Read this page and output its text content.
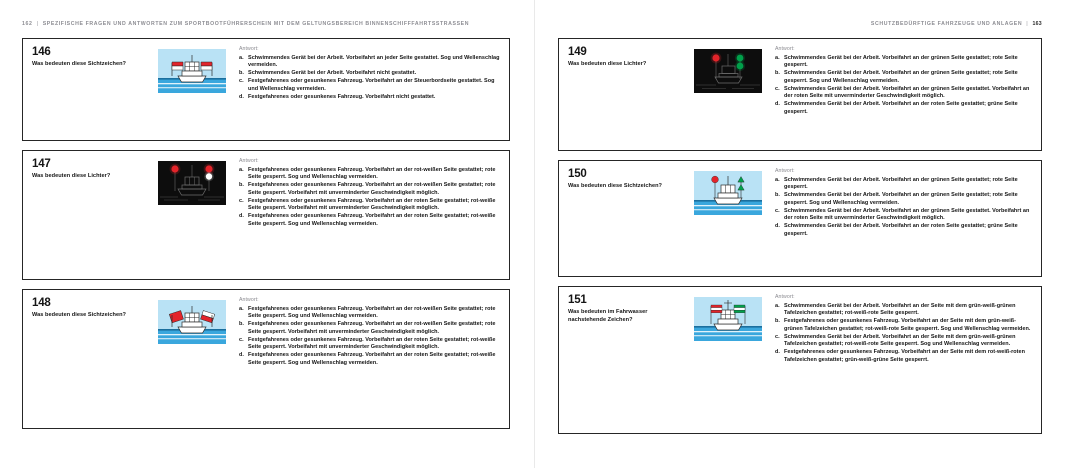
162 | SPEZIFISCHE FRAGEN UND ANTWORTEN ZUM SPORTBOOTFÜHRERSCHEIN MIT DEM GELTUNGSBEREICH BINNENSCHIFFFAHRTSSTRASSEN
146
Was bedeuten diese Sichtzeichen?
Antwort:
a. Schwimmendes Gerät bei der Arbeit. Vorbeifahrt an jeder Seite gestattet. Sog und Wellenschlag vermeiden.
b. Schwimmendes Gerät bei der Arbeit. Vorbeifahrt nicht gestattet.
c. Festgefahrenes oder gesunkenes Fahrzeug. Vorbeifahrt an der Steuerbordseite gestattet. Sog und Wellenschlag vermeiden.
d. Festgefahrenes oder gesunkenes Fahrzeug. Vorbeifahrt nicht gestattet.
147
Was bedeuten diese Lichter?
Antwort:
a. Festgefahrenes oder gesunkenes Fahrzeug. Vorbeifahrt an der rot-weißen Seite gestattet; rote Seite gesperrt. Sog und Wellenschlag vermeiden.
b. Festgefahrenes oder gesunkenes Fahrzeug. Vorbeifahrt an der rot-weißen Seite gestattet; rote Seite gesperrt. Vorbeifahrt mit unverminderter Geschwindigkeit möglich.
c. Festgefahrenes oder gesunkenes Fahrzeug. Vorbeifahrt an der roten Seite gestattet; rot-weiße Seite gesperrt. Vorbeifahrt mit unverminderter Geschwindigkeit möglich.
d. Festgefahrenes oder gesunkenes Fahrzeug. Vorbeifahrt an der roten Seite gestattet; rot-weiße Seite gesperrt. Sog und Wellenschlag vermeiden.
148
Was bedeuten diese Sichtzeichen?
Antwort:
a. Festgefahrenes oder gesunkenes Fahrzeug. Vorbeifahrt an der rot-weißen Seite gestattet; rote Seite gesperrt. Sog und Wellenschlag vermeiden.
b. Festgefahrenes oder gesunkenes Fahrzeug. Vorbeifahrt an der rot-weißen Seite gestattet; rote Seite gesperrt. Vorbeifahrt mit unverminderter Geschwindigkeit möglich.
c. Festgefahrenes oder gesunkenes Fahrzeug. Vorbeifahrt an der roten Seite gestattet; rot-weiße Seite gesperrt. Vorbeifahrt mit unverminderter Geschwindigkeit möglich.
d. Festgefahrenes oder gesunkenes Fahrzeug. Vorbeifahrt an der roten Seite gestattet; rot-weiße Seite gesperrt. Sog und Wellenschlag vermeiden.
SCHUTZBEDÜRFTIGE FAHRZEUGE UND ANLAGEN | 163
149
Was bedeuten diese Lichter?
Antwort:
a. Schwimmendes Gerät bei der Arbeit. Vorbeifahrt an der grünen Seite gestattet; rote Seite gesperrt.
b. Schwimmendes Gerät bei der Arbeit. Vorbeifahrt an der grünen Seite gestattet; rote Seite gesperrt. Sog und Wellenschlag vermeiden.
c. Schwimmendes Gerät bei der Arbeit. Vorbeifahrt an der grünen Seite gestattet. Vorbeifahrt an der roten Seite mit unverminderter Geschwindigkeit möglich.
d. Schwimmendes Gerät bei der Arbeit. Vorbeifahrt an der roten Seite gestattet; grüne Seite gesperrt.
150
Was bedeuten diese Sichtzeichen?
Antwort:
a. Schwimmendes Gerät bei der Arbeit. Vorbeifahrt an der grünen Seite gestattet; rote Seite gesperrt.
b. Schwimmendes Gerät bei der Arbeit. Vorbeifahrt an der grünen Seite gestattet; rote Seite gesperrt. Sog und Wellenschlag vermeiden.
c. Schwimmendes Gerät bei der Arbeit. Vorbeifahrt an der grünen Seite gestattet. Vorbeifahrt an der roten Seite mit unverminderter Geschwindigkeit möglich.
d. Schwimmendes Gerät bei der Arbeit. Vorbeifahrt an der roten Seite gestattet; grüne Seite gesperrt.
151
Was bedeuten im Fahrwasser nachstehende Zeichen?
Antwort:
a. Schwimmendes Gerät bei der Arbeit. Vorbeifahrt an der Seite mit dem grün-weiß-grünen Tafelzeichen gestattet; rot-weiß-rote Seite gesperrt.
b. Festgefahrenes oder gesunkenes Fahrzeug. Vorbeifahrt an der Seite mit dem grün-weiß-grünen Tafelzeichen gestattet; rot-weiß-rote Seite gesperrt. Sog und Wellenschlag vermeiden.
c. Schwimmendes Gerät bei der Arbeit. Vorbeifahrt an der Seite mit dem grün-weiß-grünen Tafelzeichen gestattet; rot-weiß-rote Seite gesperrt. Sog und Wellenschlag vermeiden.
d. Festgefahrenes oder gesunkenes Fahrzeug. Vorbeifahrt an der Seite mit dem rot-weiß-roten Tafelzeichen gestattet; grün-weiß-grüne Seite gesperrt.
